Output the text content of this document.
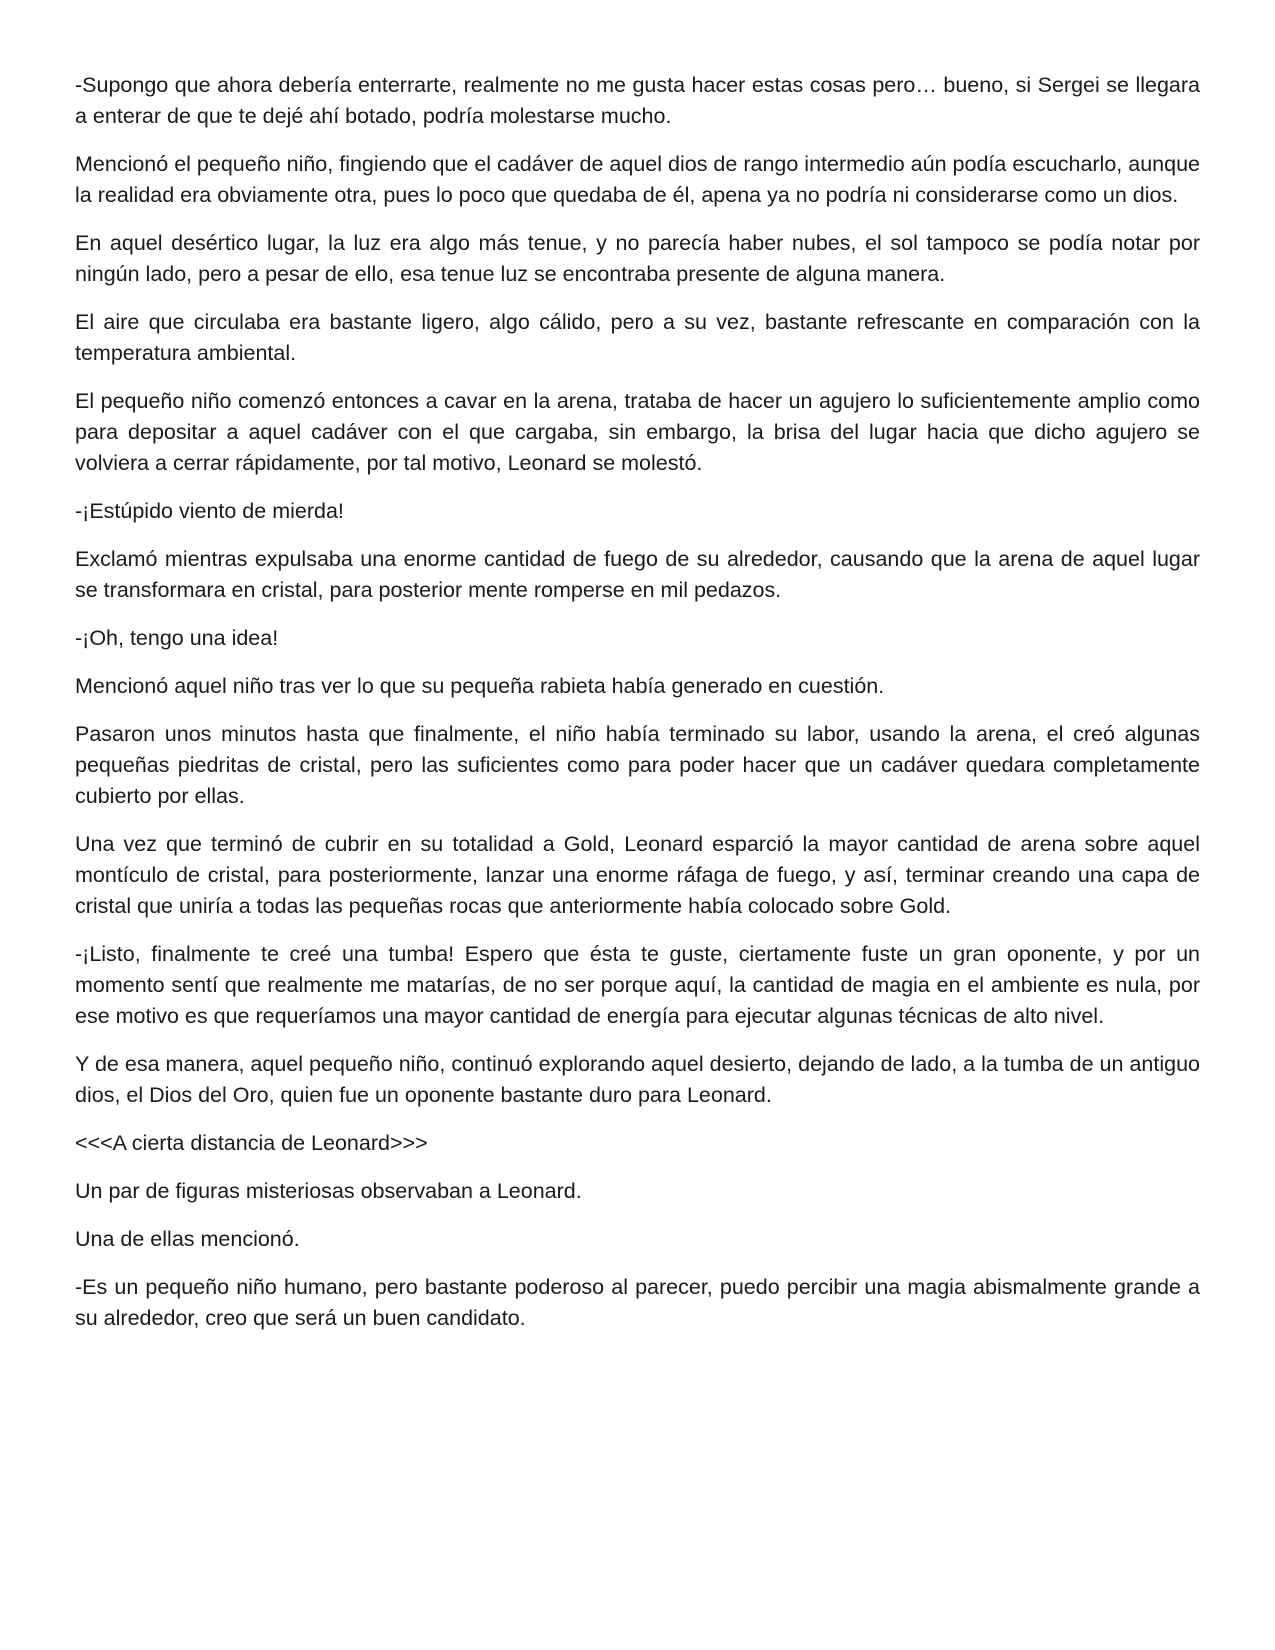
-Supongo que ahora debería enterrarte, realmente no me gusta hacer estas cosas pero… bueno, si Sergei se llegara a enterar de que te dejé ahí botado, podría molestarse mucho.

Mencionó el pequeño niño, fingiendo que el cadáver de aquel dios de rango intermedio aún podía escucharlo, aunque la realidad era obviamente otra, pues lo poco que quedaba de él, apena ya no podría ni considerarse como un dios.

En aquel desértico lugar, la luz era algo más tenue, y no parecía haber nubes, el sol tampoco se podía notar por ningún lado, pero a pesar de ello, esa tenue luz se encontraba presente de alguna manera.

El aire que circulaba era bastante ligero, algo cálido, pero a su vez, bastante refrescante en comparación con la temperatura ambiental.

El pequeño niño comenzó entonces a cavar en la arena, trataba de hacer un agujero lo suficientemente amplio como para depositar a aquel cadáver con el que cargaba, sin embargo, la brisa del lugar hacia que dicho agujero se volviera a cerrar rápidamente, por tal motivo, Leonard se molestó.

-¡Estúpido viento de mierda!

Exclamó mientras expulsaba una enorme cantidad de fuego de su alrededor, causando que la arena de aquel lugar se transformara en cristal, para posterior mente romperse en mil pedazos.

-¡Oh, tengo una idea!

Mencionó aquel niño tras ver lo que su pequeña rabieta había generado en cuestión.

Pasaron unos minutos hasta que finalmente, el niño había terminado su labor, usando la arena, el creó algunas pequeñas piedritas de cristal, pero las suficientes como para poder hacer que un cadáver quedara completamente cubierto por ellas.

Una vez que terminó de cubrir en su totalidad a Gold, Leonard esparció la mayor cantidad de arena sobre aquel montículo de cristal, para posteriormente, lanzar una enorme ráfaga de fuego, y así, terminar creando una capa de cristal que uniría a todas las pequeñas rocas que anteriormente había colocado sobre Gold.

-¡Listo, finalmente te creé una tumba! Espero que ésta te guste, ciertamente fuste un gran oponente, y por un momento sentí que realmente me matarías, de no ser porque aquí, la cantidad de magia en el ambiente es nula, por ese motivo es que requeríamos una mayor cantidad de energía para ejecutar algunas técnicas de alto nivel.

Y de esa manera, aquel pequeño niño, continuó explorando aquel desierto, dejando de lado, a la tumba de un antiguo dios, el Dios del Oro, quien fue un oponente bastante duro para Leonard.

<<<A cierta distancia de Leonard>>>

Un par de figuras misteriosas observaban a Leonard.

Una de ellas mencionó.

-Es un pequeño niño humano, pero bastante poderoso al parecer, puedo percibir una magia abismalmente grande a su alrededor, creo que será un buen candidato.
